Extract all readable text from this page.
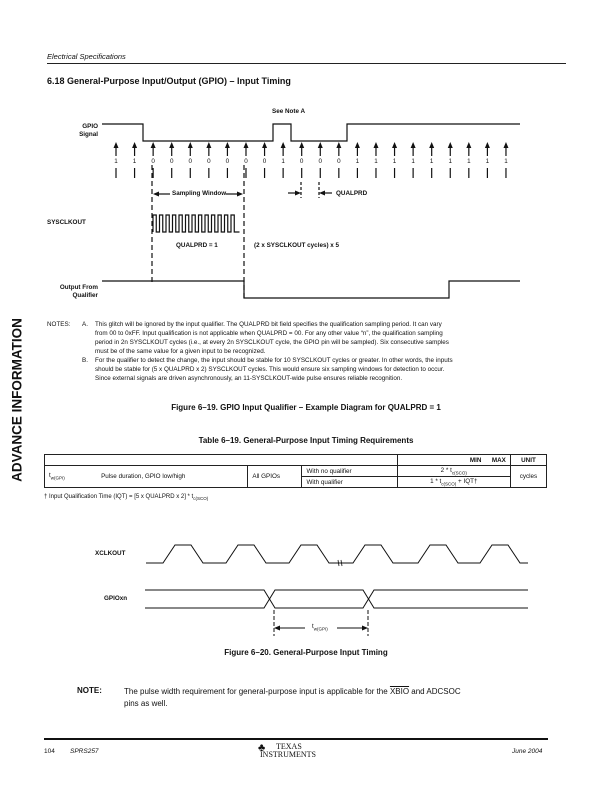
Electrical Specifications
6.18 General-Purpose Input/Output (GPIO) – Input Timing
ADVANCE INFORMATION
See Note A
GPIO
Signal
1 1 0 0 0 0 0 0 0 1 0 0 0 1 1 1 1 1 1 1 1 1
Sampling Window	QUALPRD
SYSCLKOUT
QUALPRD = 1	(2 x SYSCLKOUT cycles) x 5
Output From
Qualifier
NOTES: A. This glitch will be ignored by the input qualifier. The QUALPRD bit field specifies the qualification sampling period. It can vary
from 00 to 0xFF. Input qualification is not applicable when QUALPRD = 00. For any other value “n”, the qualification sampling
period in 2n SYSCLKOUT cycles (i.e., at every 2n SYSCLKOUT cycle, the GPIO pin will be sampled). Six consecutive samples
must be of the same value for a given input to be recognized.
B. For the qualifier to detect the change, the input should be stable for 10 SYSCLKOUT cycles or greater. In other words, the inputs
should be stable for (5 x QUALPRD x 2) SYSCLKOUT cycles. This would ensure six sampling windows for detection to occur.
Since external signals are driven asynchronously, an 11-SYSCLKOUT-wide pulse ensures reliable recognition.
Figure 6–19. GPIO Input Qualifier – Example Diagram for QUALPRD = 1
Table 6–19. General-Purpose Input Timing Requirements
				MIN MAX	UNIT
$t_{w(GPI)}$	Pulse duration, GPIO low/high	All GPIOs	With no qualifier	$2 * t_{c(SCO)}$	cycles
			With qualifier	$1 * t_{c(SCO)}$ + IQT†	
† Input Qualification Time (IQT) = [5 x QUALPRD x $2] * t_{c(SCO)}$
XCLKOUT
GPIOxn
$t_{w(GPI)}$
Figure 6–20. General-Purpose Input Timing
NOTE:	The pulse width requirement for general-purpose input is applicable for the XBIO and ADCSOC
pins as well.
104 SPRS257	♣ TEXAS
INSTRUMENTS	June 2004
